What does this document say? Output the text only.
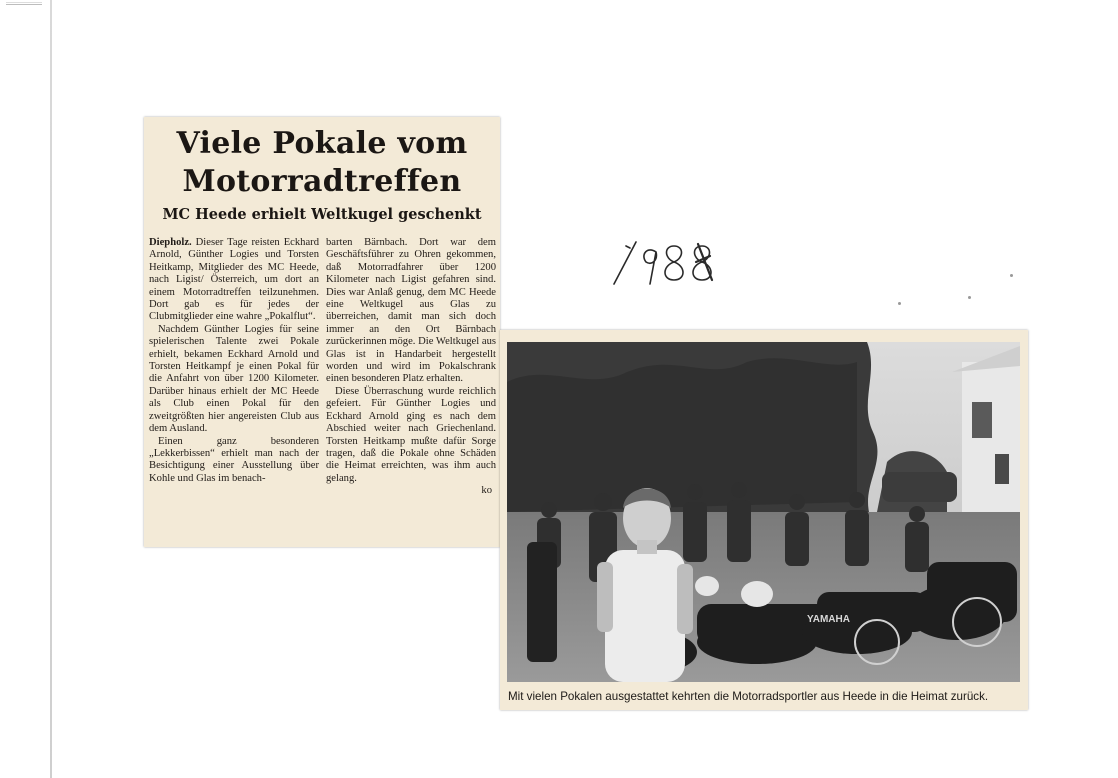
Viele Pokale vom
Motorradtreffen
MC Heede erhielt Weltkugel geschenkt

Diepholz. Dieser Tage reisten Eckhard Arnold, Günther Logies und Torsten Heitkamp, Mitglieder des MC Heede, nach Ligist/ Österreich, um dort an einem Motorradtreffen teilzunehmen. Dort gab es für jedes der Clubmitglieder eine wahre „Pokalflut“.

Nachdem Günther Logies für seine spielerischen Talente zwei Pokale erhielt, bekamen Eckhard Arnold und Torsten Heitkampf je einen Pokal für die Anfahrt von über 1200 Kilometer. Darüber hinaus erhielt der MC Heede als Club einen Pokal für den zweitgrößten hier angereisten Club aus dem Ausland.

Einen ganz besonderen „Lekkerbissen“ erhielt man nach der Besichtigung einer Ausstellung über Kohle und Glas im benach-

barten Bärnbach. Dort war dem Geschäftsführer zu Ohren gekommen, daß Motorradfahrer über 1200 Kilometer nach Ligist gefahren sind. Dies war Anlaß genug, dem MC Heede eine Weltkugel aus Glas zu überreichen, damit man sich doch immer an den Ort Bärnbach zurückerinnen möge. Die Weltkugel aus Glas ist in Handarbeit hergestellt worden und wird im Pokalschrank einen besonderen Platz erhalten.

Diese Überraschung wurde reichlich gefeiert. Für Günther Logies und Eckhard Arnold ging es nach dem Abschied weiter nach Griechenland. Torsten Heitkamp mußte dafür Sorge tragen, daß die Pokale ohne Schäden die Heimat erreichten, was ihm auch gelang.

ko
YAMAHA
Mit vielen Pokalen ausgestattet kehrten die Motorradsportler aus Heede in die Heimat zurück.
